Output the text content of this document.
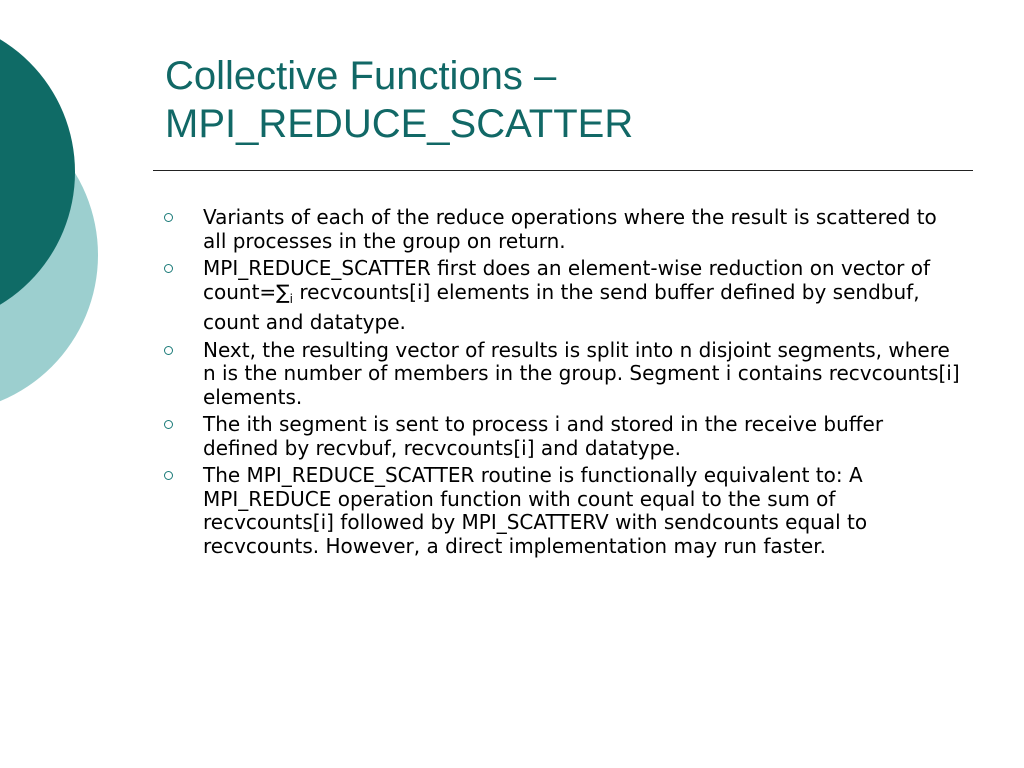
Collective Functions –
MPI_REDUCE_SCATTER
Variants of each of the reduce operations where the result is scattered to all processes in the group on return.
MPI_REDUCE_SCATTER first does an element-wise reduction on vector of $count=\sum_i$ recvcounts[i] elements in the send buffer defined by sendbuf, count and datatype.
Next, the resulting vector of results is split into n disjoint segments, where n is the number of members in the group. Segment i contains recvcounts[i] elements.
The ith segment is sent to process i and stored in the receive buffer defined by recvbuf, recvcounts[i] and datatype.
The MPI_REDUCE_SCATTER routine is functionally equivalent to: A MPI_REDUCE operation function with count equal to the sum of recvcounts[i] followed by MPI_SCATTERV with sendcounts equal to recvcounts. However, a direct implementation may run faster.
